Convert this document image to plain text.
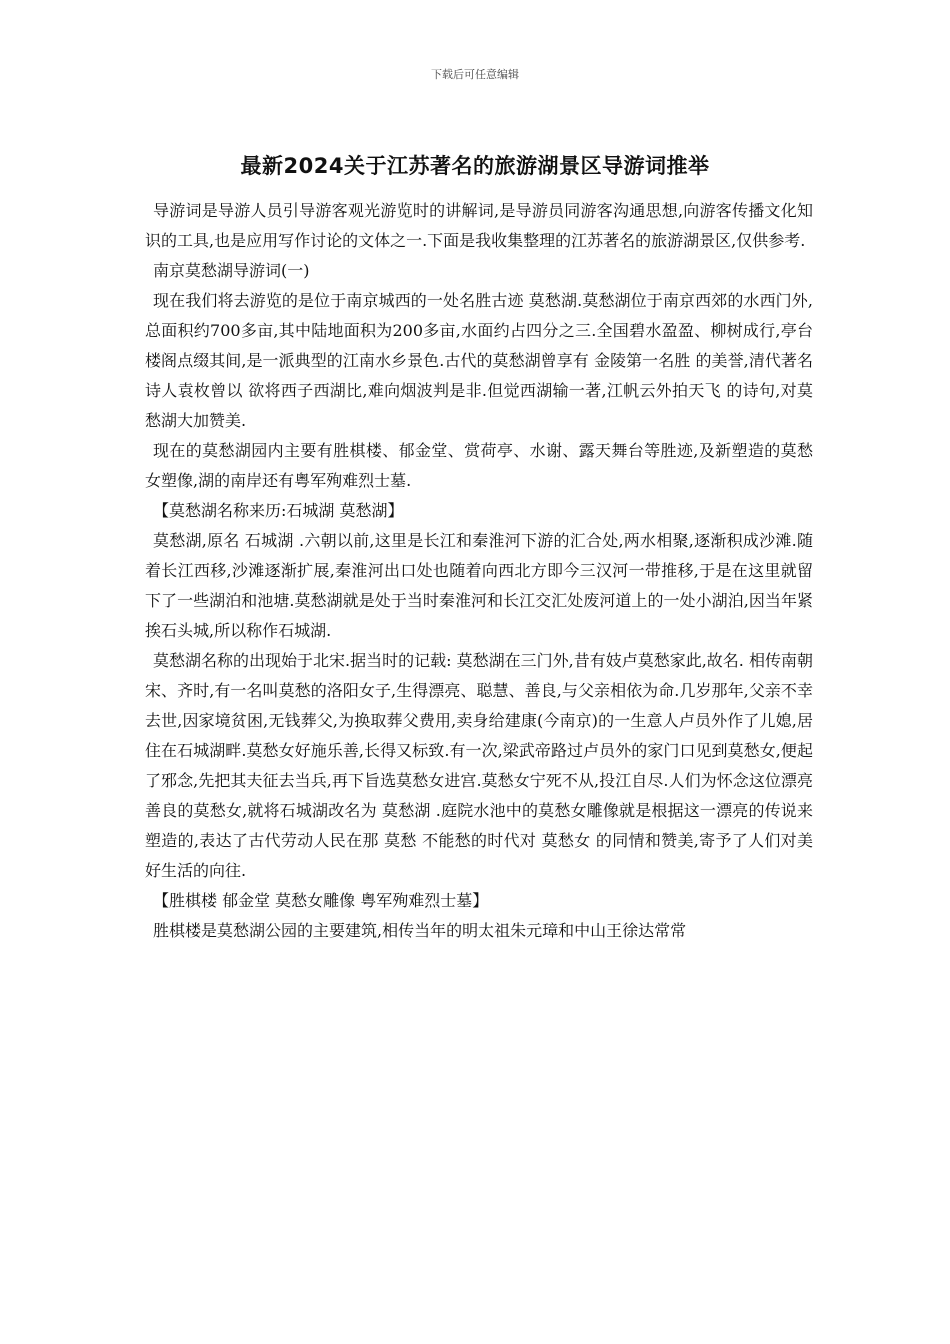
下载后可任意编辑
最新2024关于江苏著名的旅游湖景区导游词推举

导游词是导游人员引导游客观光游览时的讲解词,是导游员同游客沟通思想,向游客传播文化知识的工具,也是应用写作讨论的文体之一.下面是我收集整理的江苏著名的旅游湖景区,仅供参考.

南京莫愁湖导游词(一)

现在我们将去游览的是位于南京城西的一处名胜古迹 莫愁湖.莫愁湖位于南京西郊的水西门外,总面积约700多亩,其中陆地面积为200多亩,水面约占四分之三.全国碧水盈盈、柳树成行,亭台楼阁点缀其间,是一派典型的江南水乡景色.古代的莫愁湖曾享有 金陵第一名胜 的美誉,清代著名诗人袁枚曾以 欲将西子西湖比,难向烟波判是非.但觉西湖输一著,江帆云外拍天飞 的诗句,对莫愁湖大加赞美.

现在的莫愁湖园内主要有胜棋楼、郁金堂、赏荷亭、水谢、露天舞台等胜迹,及新塑造的莫愁女塑像,湖的南岸还有粤军殉难烈士墓.

【莫愁湖名称来历:石城湖 莫愁湖】

莫愁湖,原名 石城湖 .六朝以前,这里是长江和秦淮河下游的汇合处,两水相聚,逐渐积成沙滩.随着长江西移,沙滩逐渐扩展,秦淮河出口处也随着向西北方即今三汉河一带推移,于是在这里就留下了一些湖泊和池塘.莫愁湖就是处于当时秦淮河和长江交汇处废河道上的一处小湖泊,因当年紧挨石头城,所以称作石城湖.

莫愁湖名称的出现始于北宋.据当时的记载: 莫愁湖在三门外,昔有妓卢莫愁家此,故名. 相传南朝宋、齐时,有一名叫莫愁的洛阳女子,生得漂亮、聪慧、善良,与父亲相依为命.几岁那年,父亲不幸去世,因家境贫困,无钱葬父,为换取葬父费用,卖身给建康(今南京)的一生意人卢员外作了儿媳,居住在石城湖畔.莫愁女好施乐善,长得又标致.有一次,梁武帝路过卢员外的家门口见到莫愁女,便起了邪念,先把其夫征去当兵,再下旨选莫愁女进宫.莫愁女宁死不从,投江自尽.人们为怀念这位漂亮善良的莫愁女,就将石城湖改名为 莫愁湖 .庭院水池中的莫愁女雕像就是根据这一漂亮的传说来塑造的,表达了古代劳动人民在那 莫愁 不能愁的时代对 莫愁女 的同情和赞美,寄予了人们对美好生活的向往.

【胜棋楼 郁金堂 莫愁女雕像 粤军殉难烈士墓】

胜棋楼是莫愁湖公园的主要建筑,相传当年的明太祖朱元璋和中山王徐达常常
